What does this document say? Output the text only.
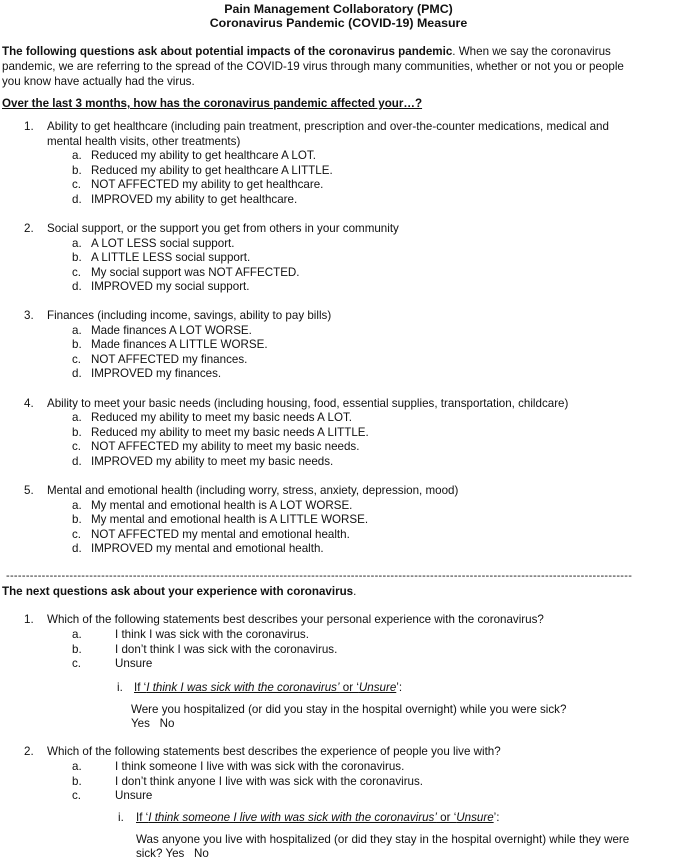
Pain Management Collaboratory (PMC)
Coronavirus Pandemic (COVID-19) Measure
The following questions ask about potential impacts of the coronavirus pandemic. When we say the coronavirus
pandemic, we are referring to the spread of the COVID-19 virus through many communities, whether or not you or people
you know have actually had the virus.
Over the last 3 months, how has the coronavirus pandemic affected your…?
1. Ability to get healthcare (including pain treatment, prescription and over-the-counter medications, medical and
mental health visits, other treatments)
a. Reduced my ability to get healthcare A LOT.
b. Reduced my ability to get healthcare A LITTLE.
c. NOT AFFECTED my ability to get healthcare.
d. IMPROVED my ability to get healthcare.
2. Social support, or the support you get from others in your community
a. A LOT LESS social support.
b. A LITTLE LESS social support.
c. My social support was NOT AFFECTED.
d. IMPROVED my social support.
3. Finances (including income, savings, ability to pay bills)
a. Made finances A LOT WORSE.
b. Made finances A LITTLE WORSE.
c. NOT AFFECTED my finances.
d. IMPROVED my finances.
4. Ability to meet your basic needs (including housing, food, essential supplies, transportation, childcare)
a. Reduced my ability to meet my basic needs A LOT.
b. Reduced my ability to meet my basic needs A LITTLE.
c. NOT AFFECTED my ability to meet my basic needs.
d. IMPROVED my ability to meet my basic needs.
5. Mental and emotional health (including worry, stress, anxiety, depression, mood)
a. My mental and emotional health is A LOT WORSE.
b. My mental and emotional health is A LITTLE WORSE.
c. NOT AFFECTED my mental and emotional health.
d. IMPROVED my mental and emotional health.
--------------------------------------------------------------------------------------------------------------------------------------------------------------
The next questions ask about your experience with coronavirus.
1. Which of the following statements best describes your personal experience with the coronavirus?
a.	I think I was sick with the coronavirus.
b.	I don’t think I was sick with the coronavirus.
c.	Unsure
i. If ‘I think I was sick with the coronavirus’ or ‘Unsure’:
Were you hospitalized (or did you stay in the hospital overnight) while you were sick?
Yes   No
2. Which of the following statements best describes the experience of people you live with?
a.	I think someone I live with was sick with the coronavirus.
b.	I don’t think anyone I live with was sick with the coronavirus.
c.	Unsure
i. If ‘I think someone I live with was sick with the coronavirus’ or ‘Unsure’:
Was anyone you live with hospitalized (or did they stay in the hospital overnight) while they were
sick? Yes   No
